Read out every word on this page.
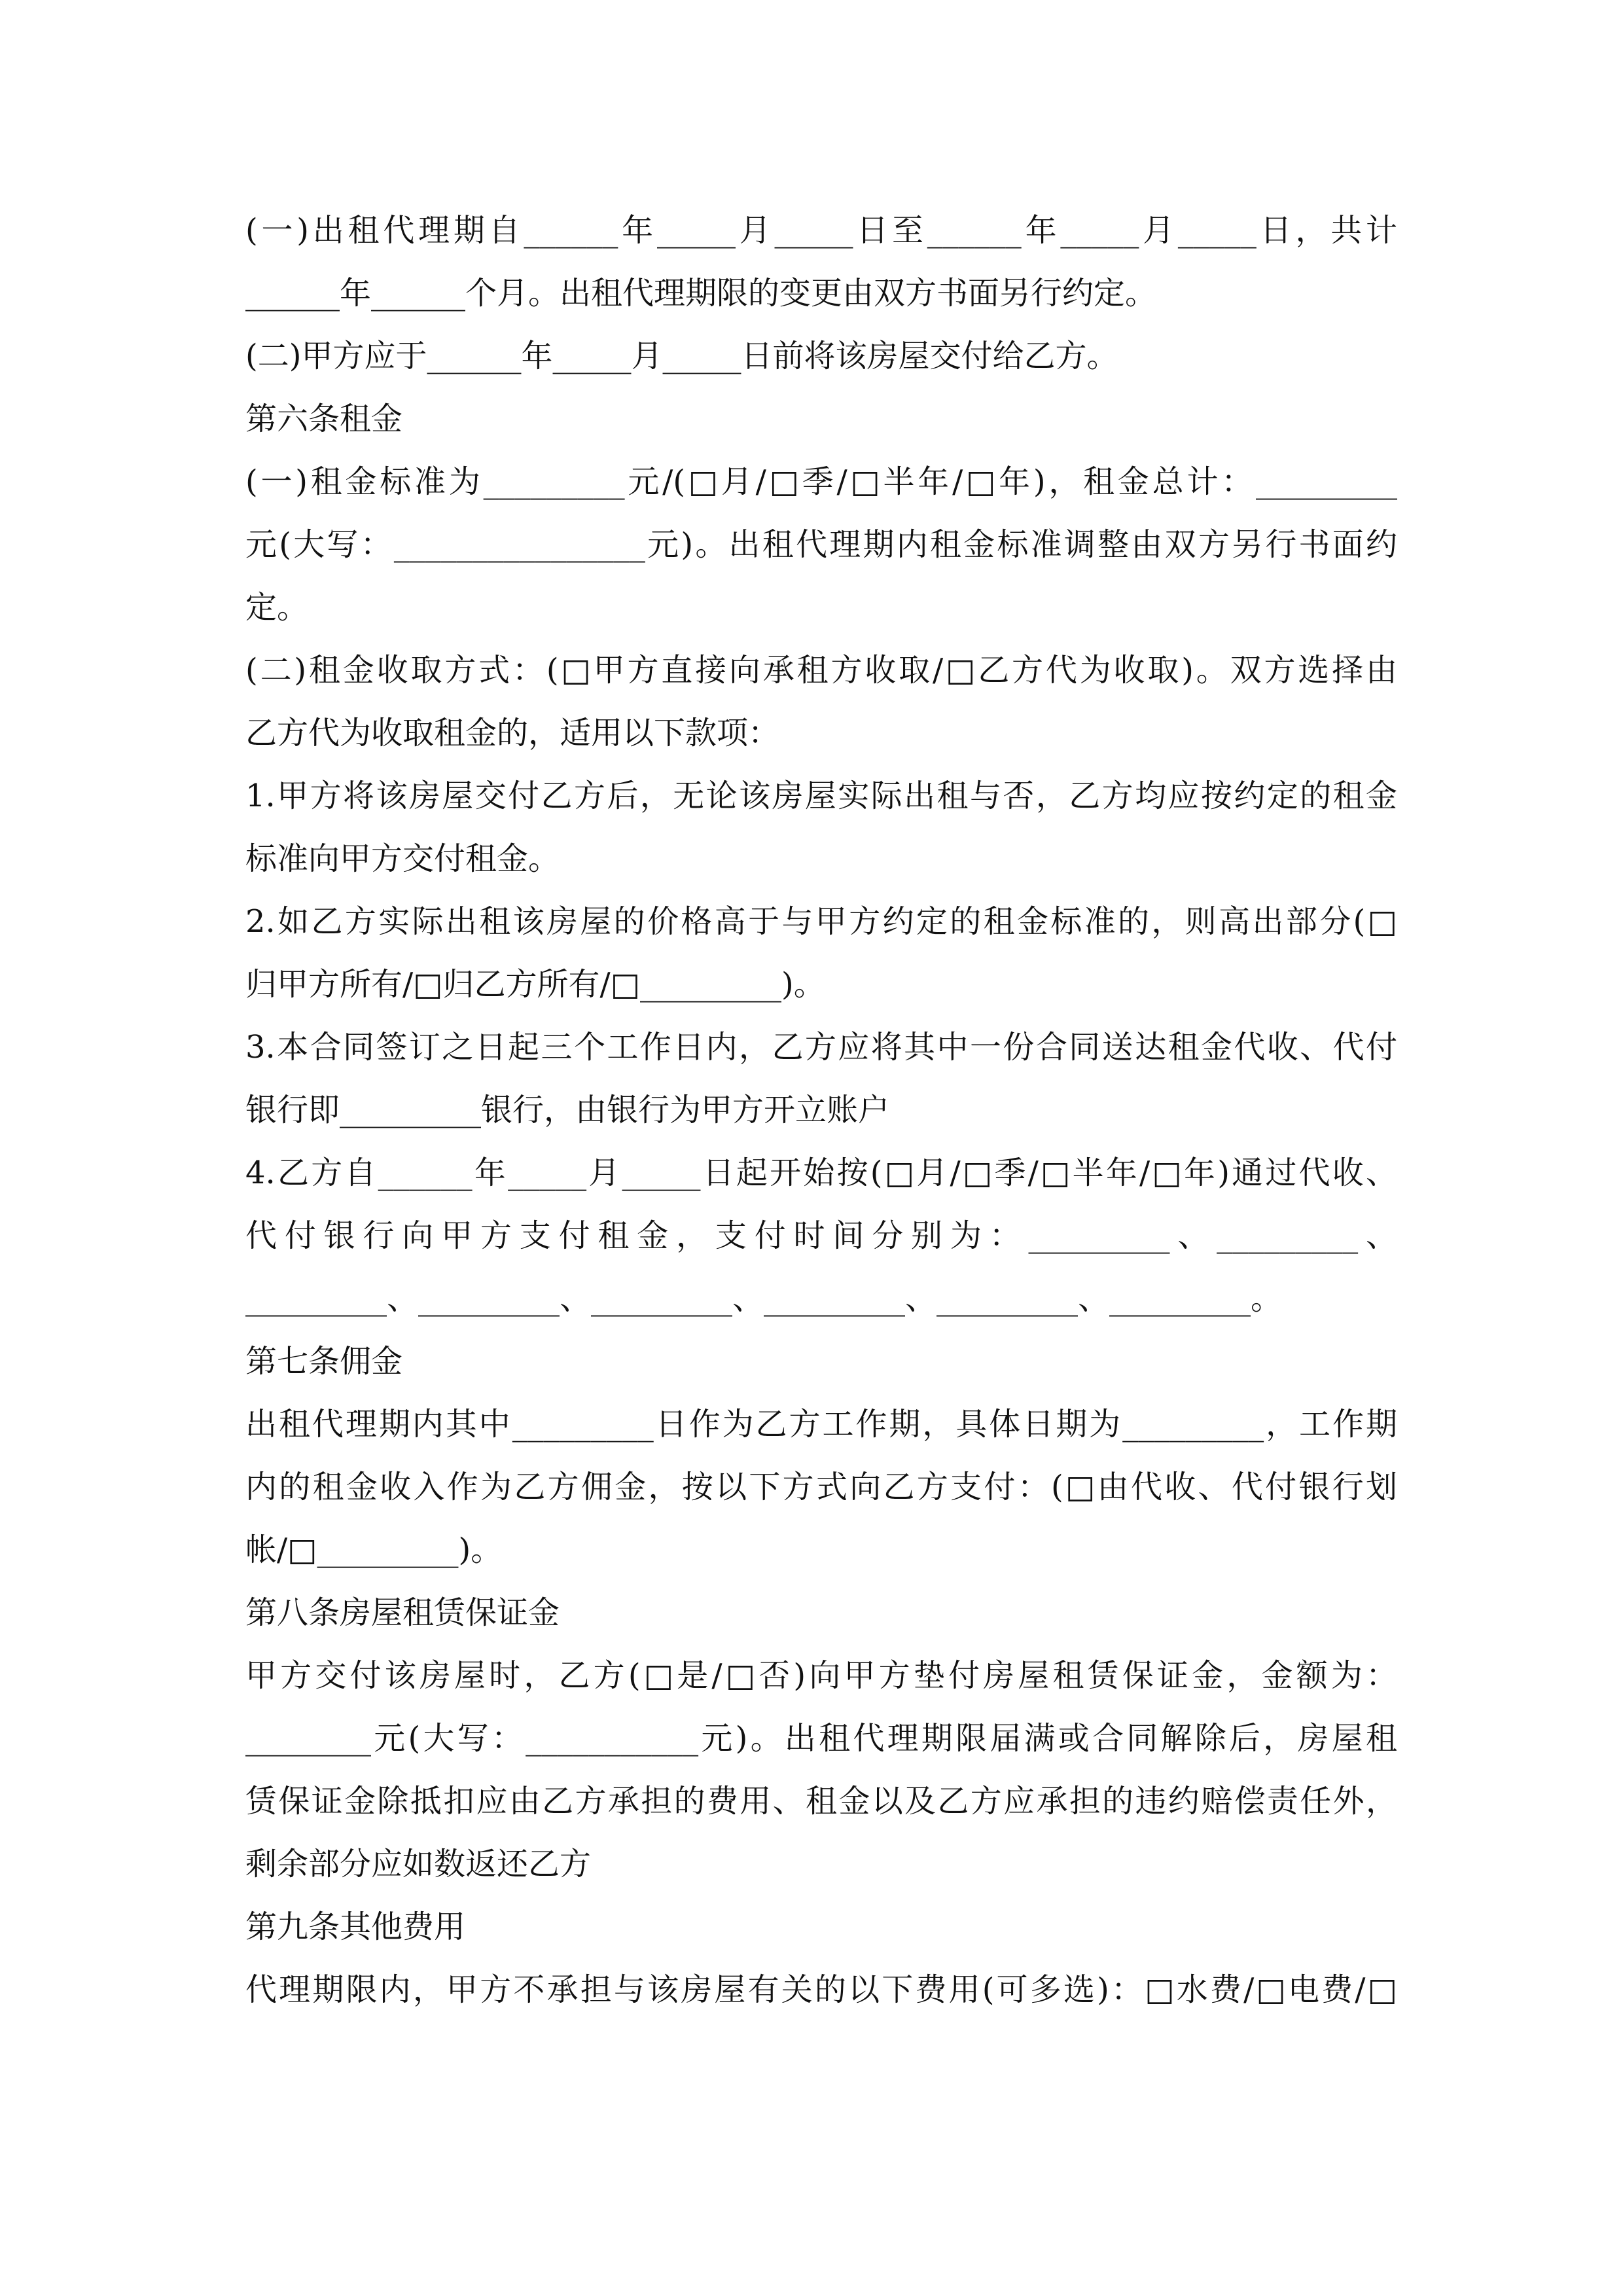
(一)出租代理期自______年_____月_____日至______年_____月_____日，共计
______年______个月。出租代理期限的变更由双方书面另行约定。
(二)甲方应于______年_____月_____日前将该房屋交付给乙方。
第六条租金
(一)租金标准为_________元/(□月/□季/□半年/□年)，租金总计：_________
元(大写：________________元)。出租代理期内租金标准调整由双方另行书面约
定。
(二)租金收取方式：(□甲方直接向承租方收取/□乙方代为收取)。双方选择由
乙方代为收取租金的，适用以下款项：
1.甲方将该房屋交付乙方后，无论该房屋实际出租与否，乙方均应按约定的租金
标准向甲方交付租金。
2.如乙方实际出租该房屋的价格高于与甲方约定的租金标准的，则高出部分(□
归甲方所有/□归乙方所有/□_________)。
3.本合同签订之日起三个工作日内，乙方应将其中一份合同送达租金代收、代付
银行即_________银行，由银行为甲方开立账户
4.乙方自______年_____月_____日起开始按(□月/□季/□半年/□年)通过代收、
代付银行向甲方支付租金，支付时间分别为：_________、_________、
_________、_________、_________、_________、_________、_________。
第七条佣金
出租代理期内其中_________日作为乙方工作期，具体日期为_________，工作期
内的租金收入作为乙方佣金，按以下方式向乙方支付：(□由代收、代付银行划
帐/□_________)。
第八条房屋租赁保证金
甲方交付该房屋时，乙方(□是/□否)向甲方垫付房屋租赁保证金，金额为：
________元(大写：___________元)。出租代理期限届满或合同解除后，房屋租
赁保证金除抵扣应由乙方承担的费用、租金以及乙方应承担的违约赔偿责任外，
剩余部分应如数返还乙方
第九条其他费用
代理期限内，甲方不承担与该房屋有关的以下费用(可多选)：□水费/□电费/□
